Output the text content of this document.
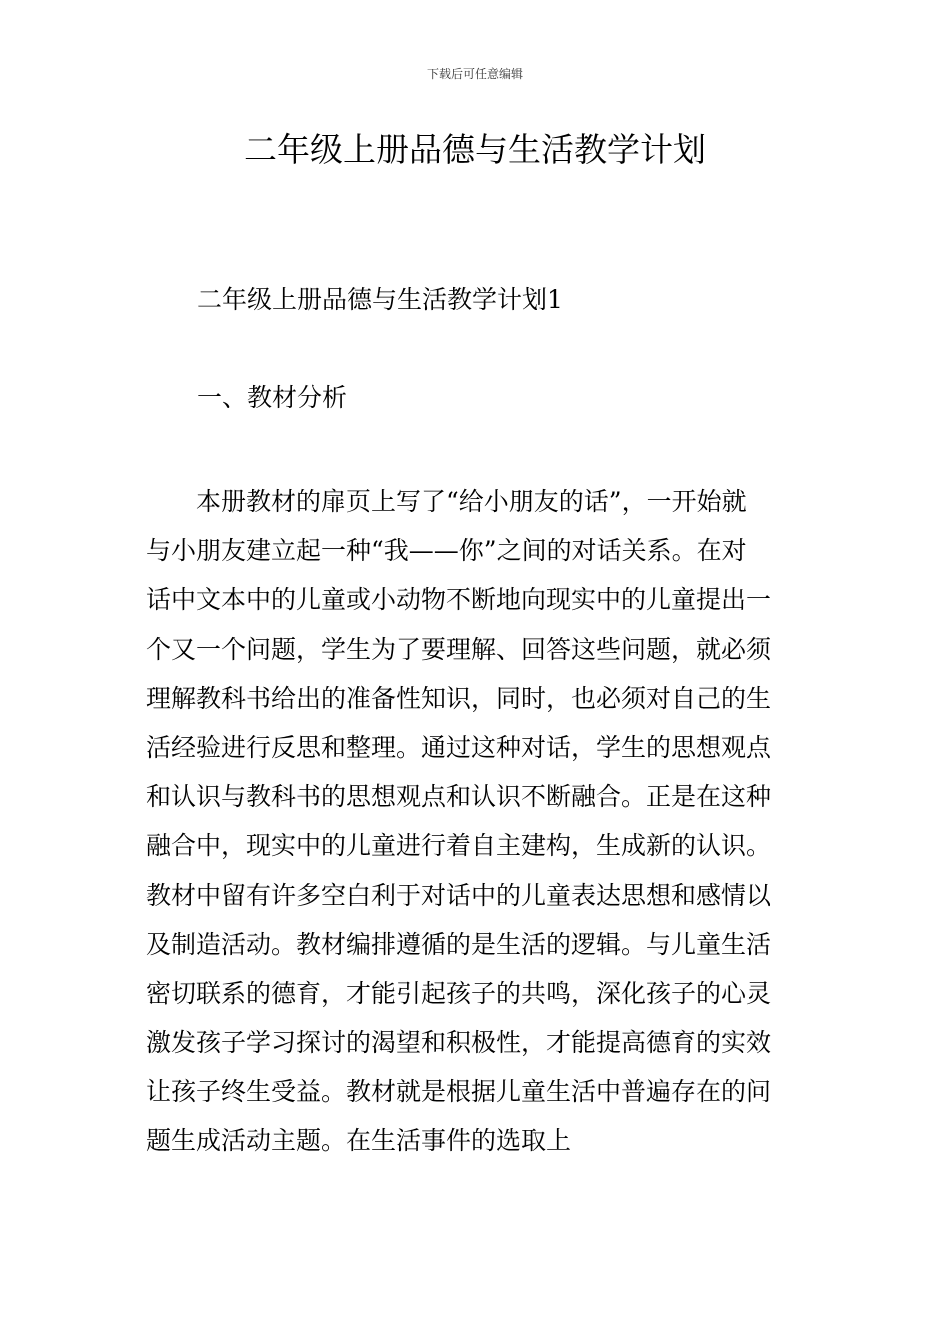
下载后可任意编辑
二年级上册品德与生活教学计划

二年级上册品德与生活教学计划1

一、教材分析

本册教材的扉页上写了“给小朋友的话”，一开始就
与小朋友建立起一种“我——你”之间的对话关系。在对
话中文本中的儿童或小动物不断地向现实中的儿童提出一
个又一个问题，学生为了要理解、回答这些问题，就必须
理解教科书给出的准备性知识，同时，也必须对自己的生
活经验进行反思和整理。通过这种对话，学生的思想观点
和认识与教科书的思想观点和认识不断融合。正是在这种
融合中，现实中的儿童进行着自主建构，生成新的认识。
教材中留有许多空白利于对话中的儿童表达思想和感情以
及制造活动。教材编排遵循的是生活的逻辑。与儿童生活
密切联系的德育，才能引起孩子的共鸣，深化孩子的心灵
激发孩子学习探讨的渴望和积极性，才能提高德育的实效
让孩子终生受益。教材就是根据儿童生活中普遍存在的问
题生成活动主题。在生活事件的选取上
